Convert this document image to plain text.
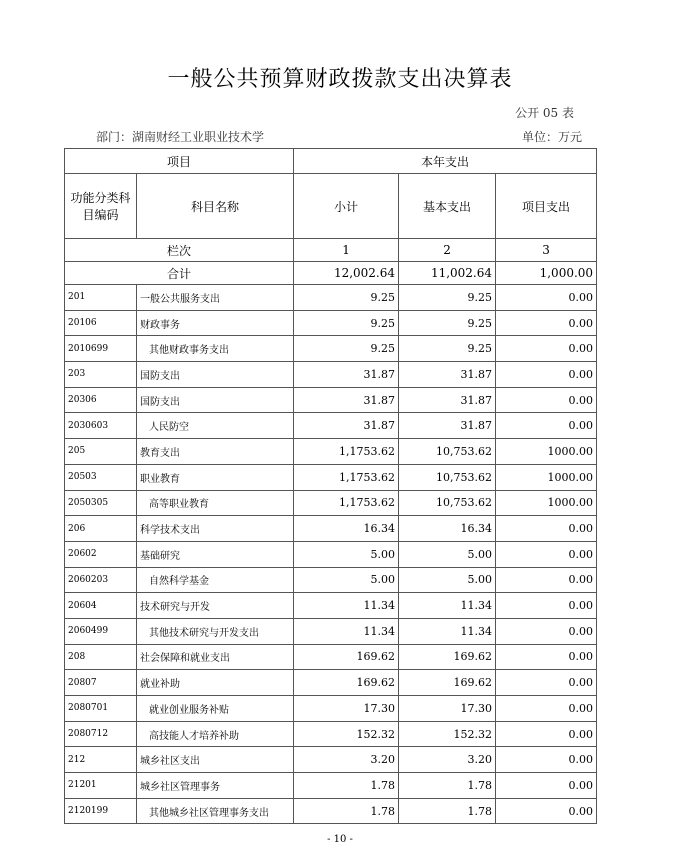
一般公共预算财政拨款支出决算表
公开 05 表
部门：湖南财经工业职业技术学	单位：万元
项目		本年支出		
功能分类科目编码	科目名称	小计	基本支出	项目支出
栏次		1	2	3
合计		12,002.64	11,002.64	1,000.00
201	一般公共服务支出	9.25	9.25	0.00
20106	财政事务	9.25	9.25	0.00
2010699	其他财政事务支出	9.25	9.25	0.00
203	国防支出	31.87	31.87	0.00
20306	国防支出	31.87	31.87	0.00
2030603	人民防空	31.87	31.87	0.00
205	教育支出	1,1753.62	10,753.62	1000.00
20503	职业教育	1,1753.62	10,753.62	1000.00
2050305	高等职业教育	1,1753.62	10,753.62	1000.00
206	科学技术支出	16.34	16.34	0.00
20602	基础研究	5.00	5.00	0.00
2060203	自然科学基金	5.00	5.00	0.00
20604	技术研究与开发	11.34	11.34	0.00
2060499	其他技术研究与开发支出	11.34	11.34	0.00
208	社会保障和就业支出	169.62	169.62	0.00
20807	就业补助	169.62	169.62	0.00
2080701	就业创业服务补贴	17.30	17.30	0.00
2080712	高技能人才培养补助	152.32	152.32	0.00
212	城乡社区支出	3.20	3.20	0.00
21201	城乡社区管理事务	1.78	1.78	0.00
2120199	其他城乡社区管理事务支出	1.78	1.78	0.00
- 10 -
